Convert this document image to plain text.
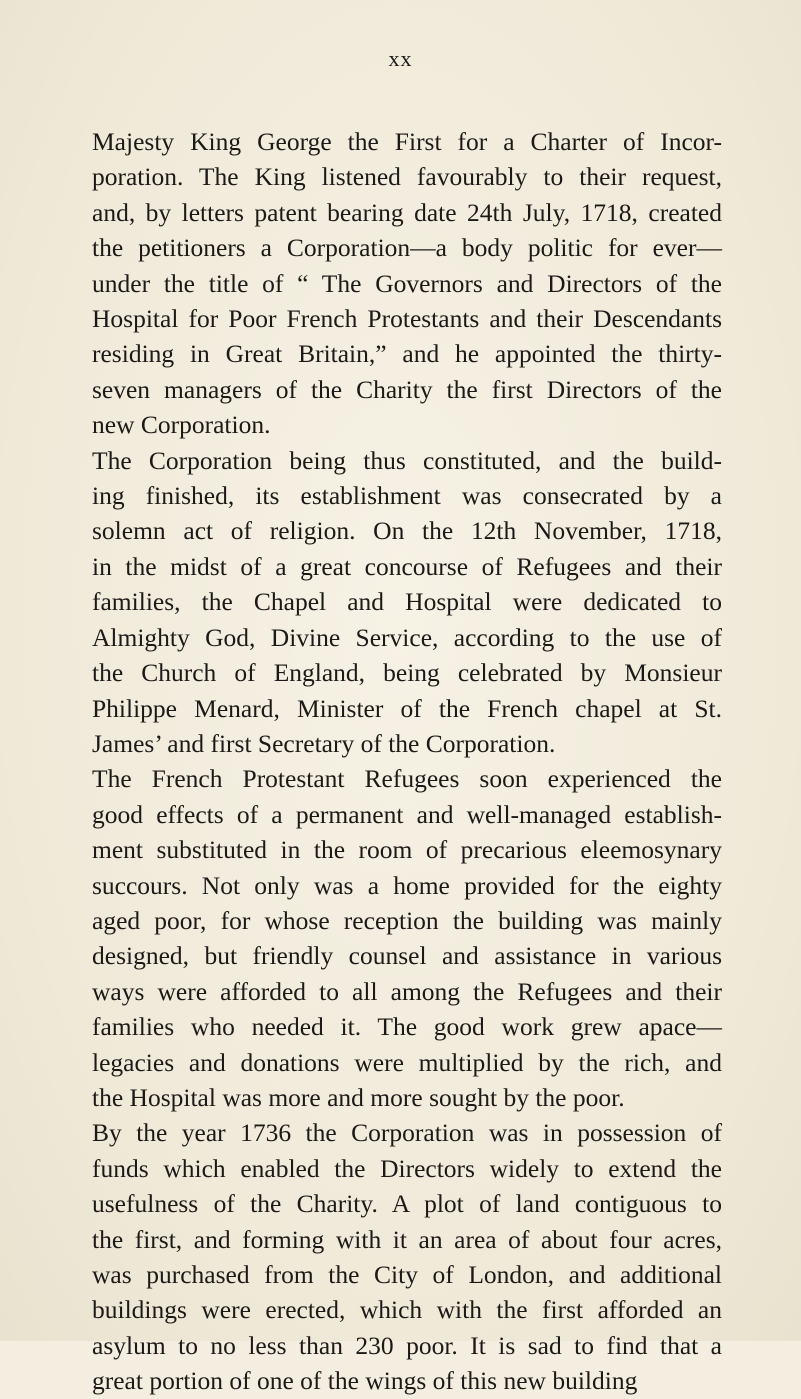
xx
Majesty King George the First for a Charter of Incor-
poration. The King listened favourably to their request,
and, by letters patent bearing date 24th July, 1718, created
the petitioners a Corporation—a body politic for ever—
under the title of “ The Governors and Directors of the
Hospital for Poor French Protestants and their Descendants
residing in Great Britain,” and he appointed the thirty-
seven managers of the Charity the first Directors of the
new Corporation.
The Corporation being thus constituted, and the build-
ing finished, its establishment was consecrated by a
solemn act of religion. On the 12th November, 1718,
in the midst of a great concourse of Refugees and their
families, the Chapel and Hospital were dedicated to
Almighty God, Divine Service, according to the use of
the Church of England, being celebrated by Monsieur
Philippe Menard, Minister of the French chapel at St.
James’ and first Secretary of the Corporation.
The French Protestant Refugees soon experienced the
good effects of a permanent and well-managed establish-
ment substituted in the room of precarious eleemosynary
succours. Not only was a home provided for the eighty
aged poor, for whose reception the building was mainly
designed, but friendly counsel and assistance in various
ways were afforded to all among the Refugees and their
families who needed it. The good work grew apace—
legacies and donations were multiplied by the rich, and
the Hospital was more and more sought by the poor.
By the year 1736 the Corporation was in possession of
funds which enabled the Directors widely to extend the
usefulness of the Charity. A plot of land contiguous to
the first, and forming with it an area of about four acres,
was purchased from the City of London, and additional
buildings were erected, which with the first afforded an
asylum to no less than 230 poor. It is sad to find that a
great portion of one of the wings of this new building
